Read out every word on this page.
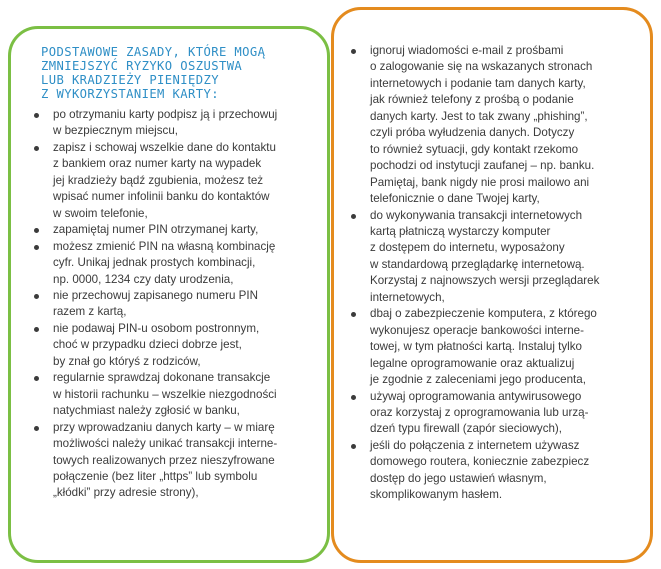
PODSTAWOWE ZASADY, KTÓRE MOGĄ
ZMNIEJSZYĆ RYZYKO OSZUSTWA
LUB KRADZIEŻY PIENIĘDZY
Z WYKORZYSTANIEM KARTY:
po otrzymaniu karty podpisz ją i przechowuj
w bezpiecznym miejscu,
zapisz i schowaj wszelkie dane do kontaktu
z bankiem oraz numer karty na wypadek
jej kradzieży bądź zgubienia, możesz też
wpisać numer infolinii banku do kontaktów
w swoim telefonie,
zapamiętaj numer PIN otrzymanej karty,
możesz zmienić PIN na własną kombinację
cyfr. Unikaj jednak prostych kombinacji,
np. 0000, 1234 czy daty urodzenia,
nie przechowuj zapisanego numeru PIN
razem z kartą,
nie podawaj PIN-u osobom postronnym,
choć w przypadku dzieci dobrze jest,
by znał go któryś z rodziców,
regularnie sprawdzaj dokonane transakcje
w historii rachunku – wszelkie niezgodności
natychmiast należy zgłosić w banku,
przy wprowadzaniu danych karty – w miarę
możliwości należy unikać transakcji interne-
towych realizowanych przez nieszyfrowane
połączenie (bez liter „https” lub symbolu
„kłódki” przy adresie strony),
ignoruj wiadomości e-mail z prośbami
o zalogowanie się na wskazanych stronach
internetowych i podanie tam danych karty,
jak również telefony z prośbą o podanie
danych karty. Jest to tak zwany „phishing”,
czyli próba wyłudzenia danych. Dotyczy
to również sytuacji, gdy kontakt rzekomo
pochodzi od instytucji zaufanej – np. banku.
Pamiętaj, bank nigdy nie prosi mailowo ani
telefonicznie o dane Twojej karty,
do wykonywania transakcji internetowych
kartą płatniczą wystarczy komputer
z dostępem do internetu, wyposażony
w standardową przeglądarkę internetową.
Korzystaj z najnowszych wersji przeglądarek
internetowych,
dbaj o zabezpieczenie komputera, z którego
wykonujesz operacje bankowości interne-
towej, w tym płatności kartą. Instaluj tylko
legalne oprogramowanie oraz aktualizuj
je zgodnie z zaleceniami jego producenta,
używaj oprogramowania antywirusowego
oraz korzystaj z oprogramowania lub urzą-
dzeń typu firewall (zapór sieciowych),
jeśli do połączenia z internetem używasz
domowego routera, koniecznie zabezpiecz
dostęp do jego ustawień własnym,
skomplikowanym hasłem.
